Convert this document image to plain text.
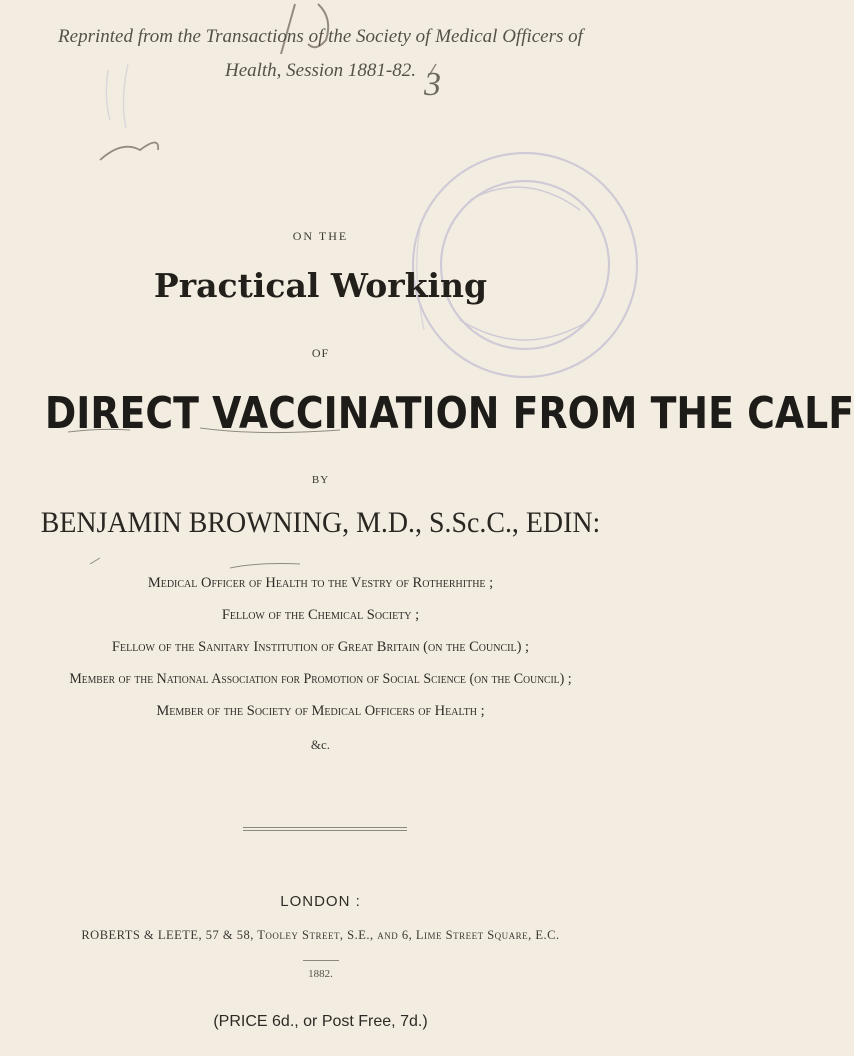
Reprinted from the Transactions of the Society of Medical Officers of
Health, Session 1881-82. 3
ON THE
Practical Working
OF
DIRECT VACCINATION FROM THE CALF
BY
BENJAMIN BROWNING, M.D., S.Sc.C., EDIN:
Medical Officer of Health to the Vestry of Rotherhithe ;
Fellow of the Chemical Society ;
Fellow of the Sanitary Institution of Great Britain (on the Council) ;
Member of the National Association for Promotion of Social Science (on the Council) ;
Member of the Society of Medical Officers of Health ;
&c.
LONDON :
ROBERTS & LEETE, 57 & 58, Tooley Street, S.E., and 6, Lime Street Square, E.C.
1882.
(PRICE 6d., or Post Free, 7d.)
